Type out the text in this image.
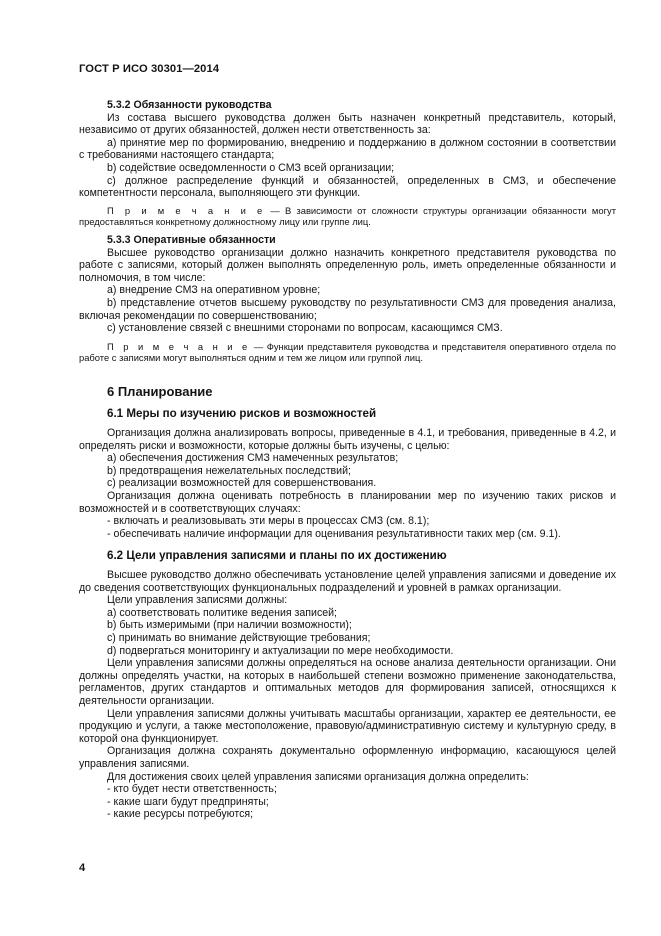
ГОСТ Р ИСО 30301—2014

5.3.2 Обязанности руководства

Из состава высшего руководства должен быть назначен конкретный представитель, который, независимо от других обязанностей, должен нести ответственность за:

a) принятие мер по формированию, внедрению и поддержанию в должном состоянии в соответствии с требованиями настоящего стандарта;

b) содействие осведомленности о СМЗ всей организации;

c) должное распределение функций и обязанностей, определенных в СМЗ, и обеспечение компетентности персонала, выполняющего эти функции.

П р и м е ч а н и е — В зависимости от сложности структуры организации обязанности могут предоставляться конкретному должностному лицу или группе лиц.

5.3.3 Оперативные обязанности

Высшее руководство организации должно назначить конкретного представителя руководства по работе с записями, который должен выполнять определенную роль, иметь определенные обязанности и полномочия, в том числе:

a) внедрение СМЗ на оперативном уровне;

b) представление отчетов высшему руководству по результативности СМЗ для проведения анализа, включая рекомендации по совершенствованию;

c) установление связей с внешними сторонами по вопросам, касающимся СМЗ.

П р и м е ч а н и е — Функции представителя руководства и представителя оперативного отдела по работе с записями могут выполняться одним и тем же лицом или группой лиц.

6 Планирование

6.1 Меры по изучению рисков и возможностей

Организация должна анализировать вопросы, приведенные в 4.1, и требования, приведенные в 4.2, и определять риски и возможности, которые должны быть изучены, с целью:

a) обеспечения достижения СМЗ намеченных результатов;

b) предотвращения нежелательных последствий;

c) реализации возможностей для совершенствования.

Организация должна оценивать потребность в планировании мер по изучению таких рисков и возможностей и в соответствующих случаях:

- включать и реализовывать эти меры в процессах СМЗ (см. 8.1);

- обеспечивать наличие информации для оценивания результативности таких мер (см. 9.1).

6.2 Цели управления записями и планы по их достижению

Высшее руководство должно обеспечивать установление целей управления записями и доведение их до сведения соответствующих функциональных подразделений и уровней в рамках организации.

Цели управления записями должны:

a) соответствовать политике ведения записей;

b) быть измеримыми (при наличии возможности);

c) принимать во внимание действующие требования;

d) подвергаться мониторингу и актуализации по мере необходимости.

Цели управления записями должны определяться на основе анализа деятельности организации. Они должны определять участки, на которых в наибольшей степени возможно применение законодательства, регламентов, других стандартов и оптимальных методов для формирования записей, относящихся к деятельности организации.

Цели управления записями должны учитывать масштабы организации, характер ее деятельности, ее продукцию и услуги, а также местоположение, правовую/административную систему и культурную среду, в которой она функционирует.

Организация должна сохранять документально оформленную информацию, касающуюся целей управления записями.

Для достижения своих целей управления записями организация должна определить:

- кто будет нести ответственность;

- какие шаги будут предприняты;

- какие ресурсы потребуются;

4
